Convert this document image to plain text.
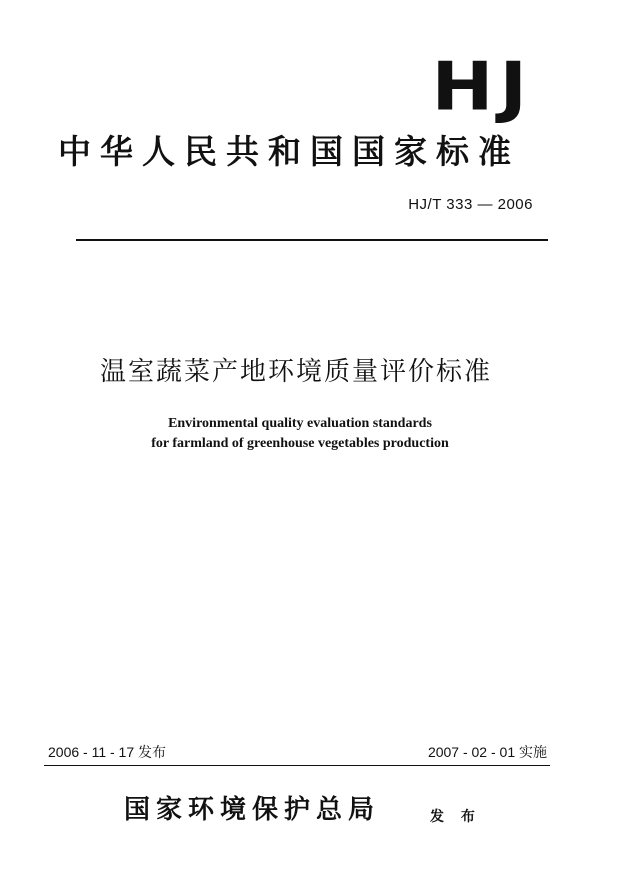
HJ
中华人民共和国国家标准
HJ/T 333 — 2006
温室蔬菜产地环境质量评价标准
Environmental quality evaluation standards
for farmland of greenhouse vegetables production
2006 - 11 - 17 发布	2007 - 02 - 01 实施
国家环境保护总局	发 布
